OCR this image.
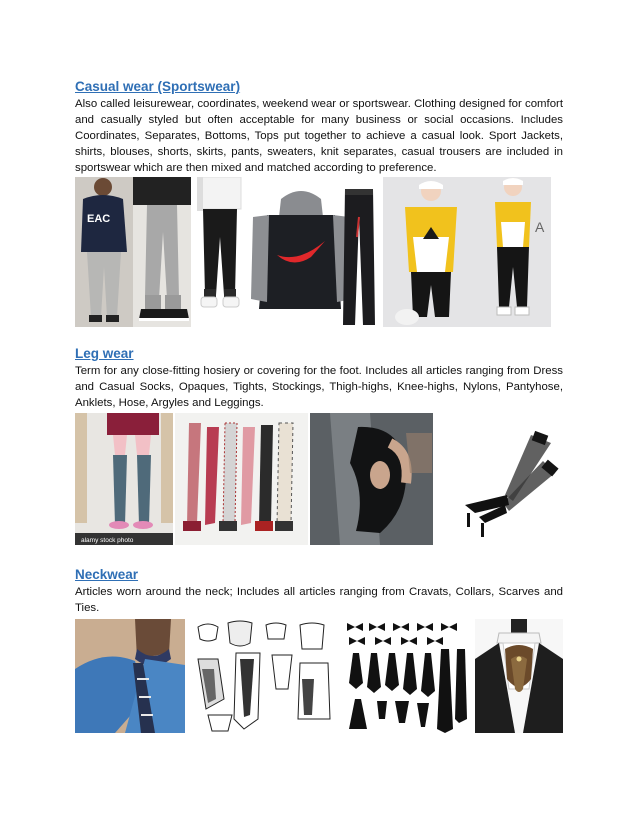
Casual wear (Sportswear)

Also called leisurewear, coordinates, weekend wear or sportswear. Clothing designed for comfort and casually styled but often acceptable for many business or social occasions. Includes Coordinates, Separates, Bottoms, Tops put together to achieve a casual look. Sport Jackets, shirts, blouses, shorts, skirts, pants, sweaters, knit separates, casual trousers are included in sportswear which are then mixed and matched according to preference.

EAC	A
Leg wear

Term for any close-fitting hosiery or covering for the foot. Includes all articles ranging from Dress and Casual Socks, Opaques, Tights, Stockings, Thigh-highs, Knee-highs, Nylons, Pantyhose, Anklets, Hose, Argyles and Leggings.

alamy stock photo
Neckwear

Articles worn around the neck; Includes all articles ranging from Cravats, Collars, Scarves and Ties.
